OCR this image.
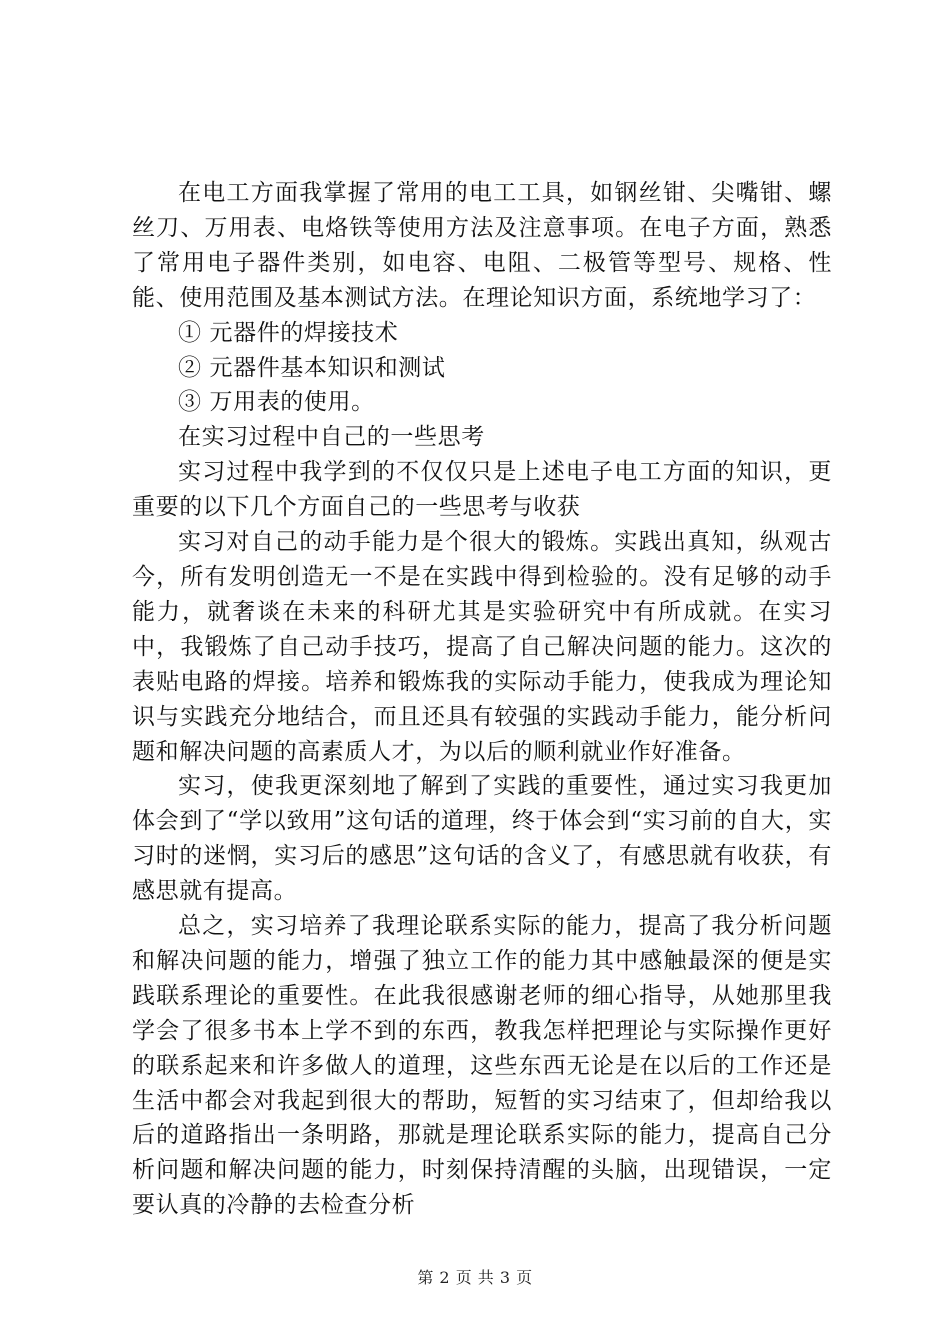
在电工方面我掌握了常用的电工工具，如钢丝钳、尖嘴钳、螺丝刀、万用表、电烙铁等使用方法及注意事项。在电子方面，熟悉了常用电子器件类别，如电容、电阻、二极管等型号、规格、性能、使用范围及基本测试方法。在理论知识方面，系统地学习了：

① 元器件的焊接技术

② 元器件基本知识和测试

③ 万用表的使用。

在实习过程中自己的一些思考

实习过程中我学到的不仅仅只是上述电子电工方面的知识，更重要的以下几个方面自己的一些思考与收获

实习对自己的动手能力是个很大的锻炼。实践出真知，纵观古今，所有发明创造无一不是在实践中得到检验的。没有足够的动手能力，就奢谈在未来的科研尤其是实验研究中有所成就。在实习中，我锻炼了自己动手技巧，提高了自己解决问题的能力。这次的表贴电路的焊接。培养和锻炼我的实际动手能力，使我成为理论知识与实践充分地结合，而且还具有较强的实践动手能力，能分析问题和解决问题的高素质人才，为以后的顺利就业作好准备。

实习，使我更深刻地了解到了实践的重要性，通过实习我更加体会到了“学以致用”这句话的道理，终于体会到“实习前的自大，实习时的迷惘，实习后的感思”这句话的含义了，有感思就有收获，有感思就有提高。

总之，实习培养了我理论联系实际的能力，提高了我分析问题和解决问题的能力，增强了独立工作的能力其中感触最深的便是实践联系理论的重要性。在此我很感谢老师的细心指导，从她那里我学会了很多书本上学不到的东西，教我怎样把理论与实际操作更好的联系起来和许多做人的道理，这些东西无论是在以后的工作还是生活中都会对我起到很大的帮助，短暂的实习结束了，但却给我以后的道路指出一条明路，那就是理论联系实际的能力，提高自己分析问题和解决问题的能力，时刻保持清醒的头脑，出现错误，一定要认真的冷静的去检查分析

第 2 页 共 3 页
